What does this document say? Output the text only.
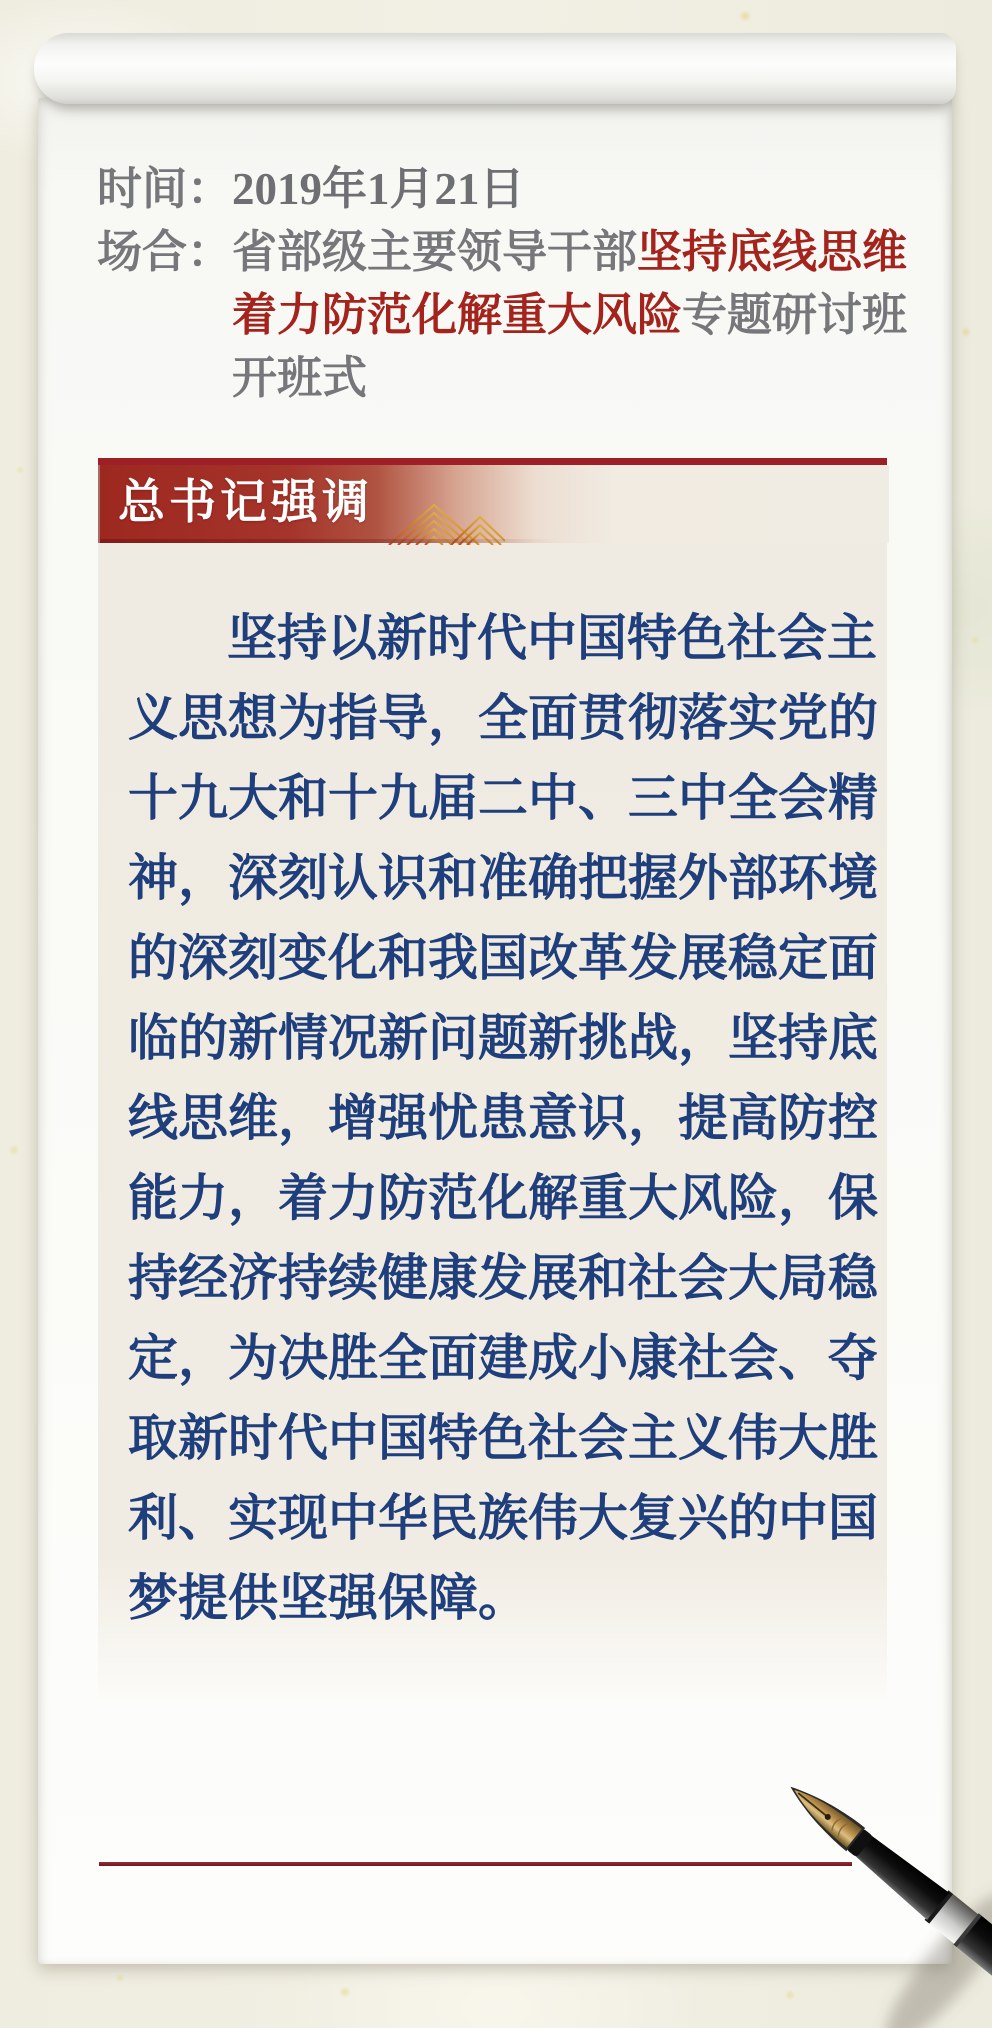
时间：2019年1月21日
场合： 省部级主要领导干部坚持底线思维
着力防范化解重大风险专题研讨班
开班式
总书记强调
坚持以新时代中国特色社会主
义思想为指导，全面贯彻落实党的
十九大和十九届二中、三中全会精
神，深刻认识和准确把握外部环境
的深刻变化和我国改革发展稳定面
临的新情况新问题新挑战，坚持底
线思维，增强忧患意识，提高防控
能力，着力防范化解重大风险，保
持经济持续健康发展和社会大局稳
定，为决胜全面建成小康社会、夺
取新时代中国特色社会主义伟大胜
利、实现中华民族伟大复兴的中国
梦提供坚强保障。
